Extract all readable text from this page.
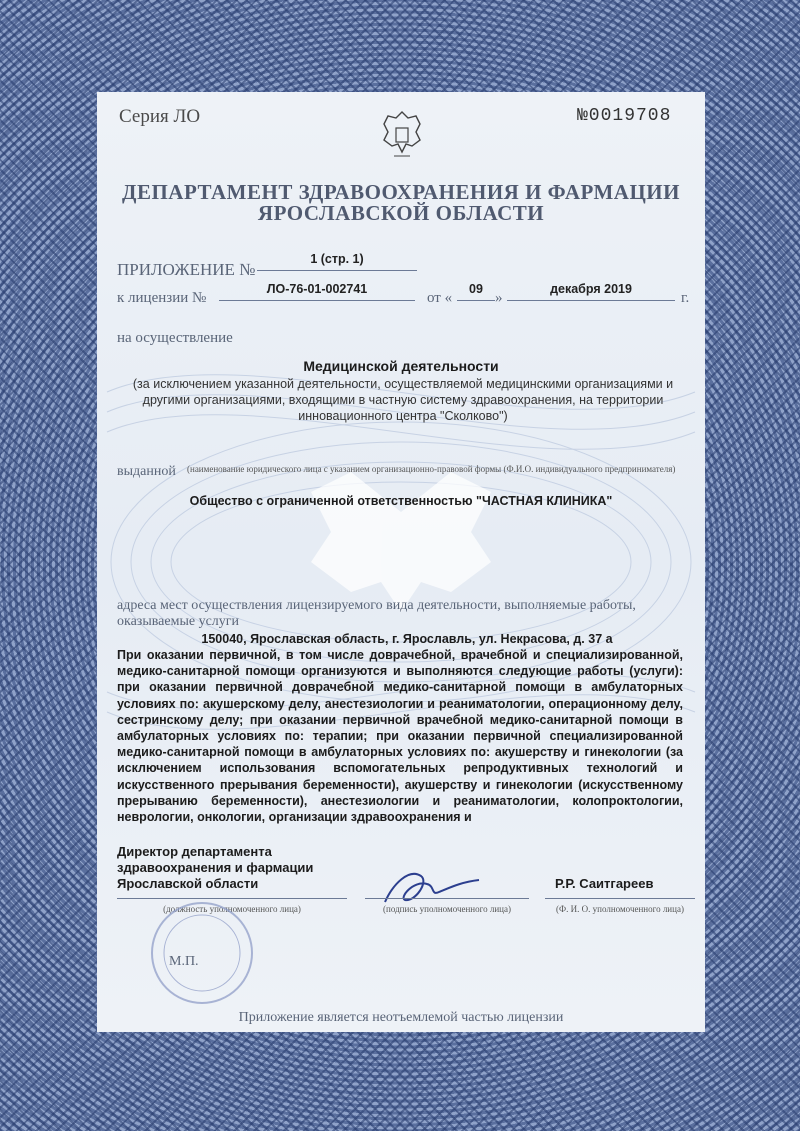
Серия ЛО	№0019708
ДЕПАРТАМЕНТ ЗДРАВООХРАНЕНИЯ И ФАРМАЦИИ
ЯРОСЛАВСКОЙ ОБЛАСТИ
ПРИЛОЖЕНИЕ №
1 (стр. 1)
к лицензии №
ЛО-76-01-002741
от «
09
»
декабря 2019
г.
на осуществление
Медицинской деятельности
(за исключением указанной деятельности, осуществляемой медицинскими организациями и другими организациями, входящими в частную систему здравоохранения, на территории инновационного центра "Сколково")
выданной (наименование юридического лица с указанием организационно-правовой формы (Ф.И.О. индивидуального предпринимателя)
Общество с ограниченной ответственностью "ЧАСТНАЯ КЛИНИКА"
адреса мест осуществления лицензируемого вида деятельности, выполняемые работы, оказываемые услуги
150040, Ярославская область, г. Ярославль, ул. Некрасова, д. 37 а
При оказании первичной, в том числе доврачебной, врачебной и специализированной, медико-санитарной помощи организуются и выполняются следующие работы (услуги): при оказании первичной доврачебной медико-санитарной помощи в амбулаторных условиях по: акушерскому делу, анестезиологии и реаниматологии, операционному делу, сестринскому делу; при оказании первичной врачебной медико-санитарной помощи в амбулаторных условиях по: терапии; при оказании первичной специализированной медико-санитарной помощи в амбулаторных условиях по: акушерству и гинекологии (за исключением использования вспомогательных репродуктивных технологий и искусственного прерывания беременности), акушерству и гинекологии (искусственному прерыванию беременности), анестезиологии и реаниматологии, колопроктологии, неврологии, онкологии, организации здравоохранения и
Директор департамента здравоохранения и фармации Ярославской области	Р.Р. Саитгареев
(должность уполномоченного лица)	(подпись уполномоченного лица)	(Ф. И. О. уполномоченного лица)
М.П.
Приложение является неотъемлемой частью лицензии
